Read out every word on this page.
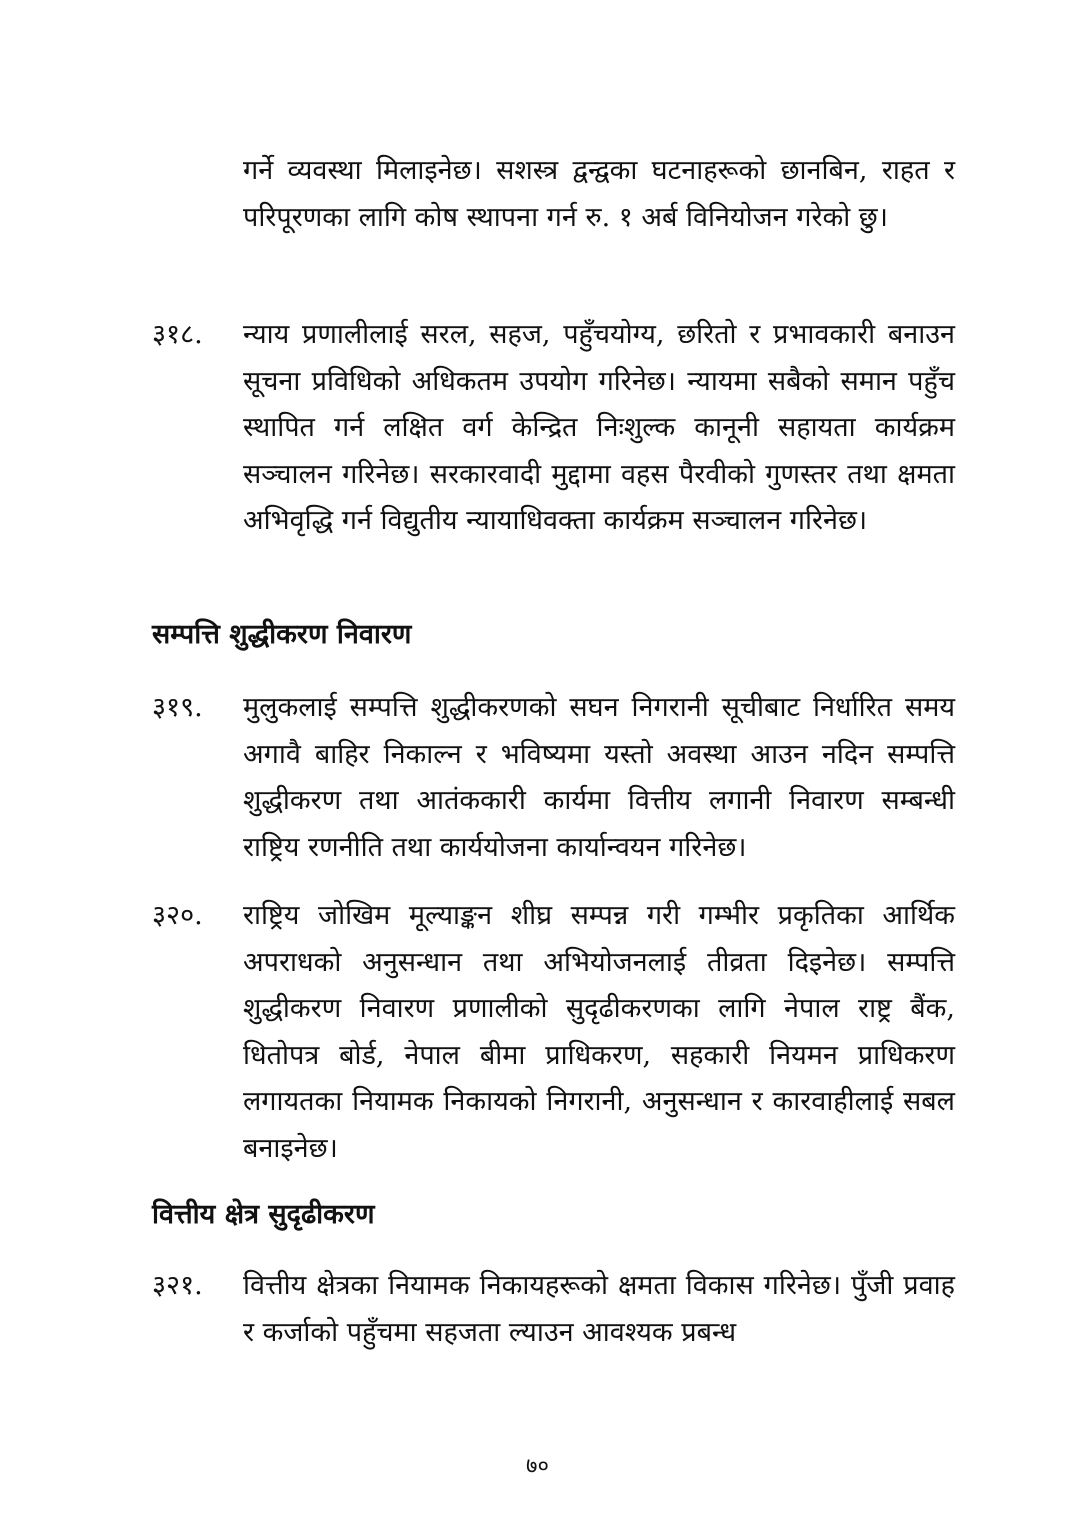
गर्ने व्यवस्था मिलाइनेछ। सशस्त्र द्वन्द्वका घटनाहरूको छानबिन, राहत र परिपूरणका लागि कोष स्थापना गर्न रु. १ अर्ब विनियोजन गरेको छु।

३१८. न्याय प्रणालीलाई सरल, सहज, पहुँचयोग्य, छरितो र प्रभावकारी बनाउन सूचना प्रविधिको अधिकतम उपयोग गरिनेछ। न्यायमा सबैको समान पहुँच स्थापित गर्न लक्षित वर्ग केन्द्रित निःशुल्क कानूनी सहायता कार्यक्रम सञ्चालन गरिनेछ। सरकारवादी मुद्दामा वहस पैरवीको गुणस्तर तथा क्षमता अभिवृद्धि गर्न विद्युतीय न्यायाधिवक्ता कार्यक्रम सञ्चालन गरिनेछ।

सम्पत्ति शुद्धीकरण निवारण

३१९. मुलुकलाई सम्पत्ति शुद्धीकरणको सघन निगरानी सूचीबाट निर्धारित समय अगावै बाहिर निकाल्न र भविष्यमा यस्तो अवस्था आउन नदिन सम्पत्ति शुद्धीकरण तथा आतंककारी कार्यमा वित्तीय लगानी निवारण सम्बन्धी राष्ट्रिय रणनीति तथा कार्ययोजना कार्यान्वयन गरिनेछ।

३२०. राष्ट्रिय जोखिम मूल्याङ्कन शीघ्र सम्पन्न गरी गम्भीर प्रकृतिका आर्थिक अपराधको अनुसन्धान तथा अभियोजनलाई तीव्रता दिइनेछ। सम्पत्ति शुद्धीकरण निवारण प्रणालीको सुदृढीकरणका लागि नेपाल राष्ट्र बैंक, धितोपत्र बोर्ड, नेपाल बीमा प्राधिकरण, सहकारी नियमन प्राधिकरण लगायतका नियामक निकायको निगरानी, अनुसन्धान र कारवाहीलाई सबल बनाइनेछ।

वित्तीय क्षेत्र सुदृढीकरण

३२१. वित्तीय क्षेत्रका नियामक निकायहरूको क्षमता विकास गरिनेछ। पुँजी प्रवाह र कर्जाको पहुँचमा सहजता ल्याउन आवश्यक प्रबन्ध

७०
